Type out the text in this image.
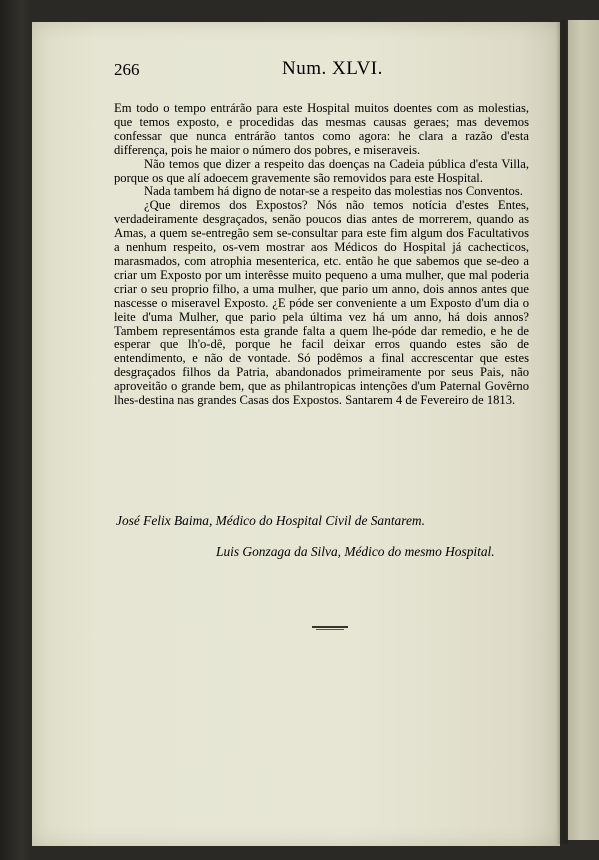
266	Num. XLVI.

Em todo o tempo entrárão para este Hospital muitos doentes com as molestias, que temos exposto, e procedidas das mesmas causas geraes; mas devemos confessar que nunca entrárão tantos como agora: he clara a razão d'esta differença, pois he maior o número dos pobres, e miseraveis.

Não temos que dizer a respeito das doenças na Cadeia pública d'esta Villa, porque os que alí adoecem gravemente são removidos para este Hospital.

Nada tambem há digno de notar-se a respeito das molestias nos Conventos.

¿Que diremos dos Expostos? Nós não temos notícia d'estes Entes, verdadeiramente desgraçados, senão poucos dias antes de morrerem, quando as Amas, a quem se-entregão sem se-consultar para este fim algum dos Facultativos a nenhum respeito, os-vem mostrar aos Médicos do Hospital já cachecticos, marasmados, com atrophia mesenterica, etc. então he que sabemos que se-deo a criar um Exposto por um interêsse muito pequeno a uma mulher, que mal poderia criar o seu proprio filho, a uma mulher, que pario um anno, dois annos antes que nascesse o miseravel Exposto. ¿E póde ser conveniente a um Exposto d'um dia o leite d'uma Mulher, que pario pela última vez há um anno, há dois annos? Tambem representámos esta grande falta a quem lhe-póde dar remedio, e he de esperar que lh'o-dê, porque he facil deixar erros quando estes são de entendimento, e não de vontade. Só podêmos a final accrescentar que estes desgraçados filhos da Patria, abandonados primeiramente por seus Pais, não aproveitão o grande bem, que as philantropicas intenções d'um Paternal Govêrno lhes-destina nas grandes Casas dos Expostos. Santarem 4 de Fevereiro de 1813.

José Felix Baima, Médico do Hospital Civil de Santarem.
Luis Gonzaga da Silva, Médico do mesmo Hospital.
